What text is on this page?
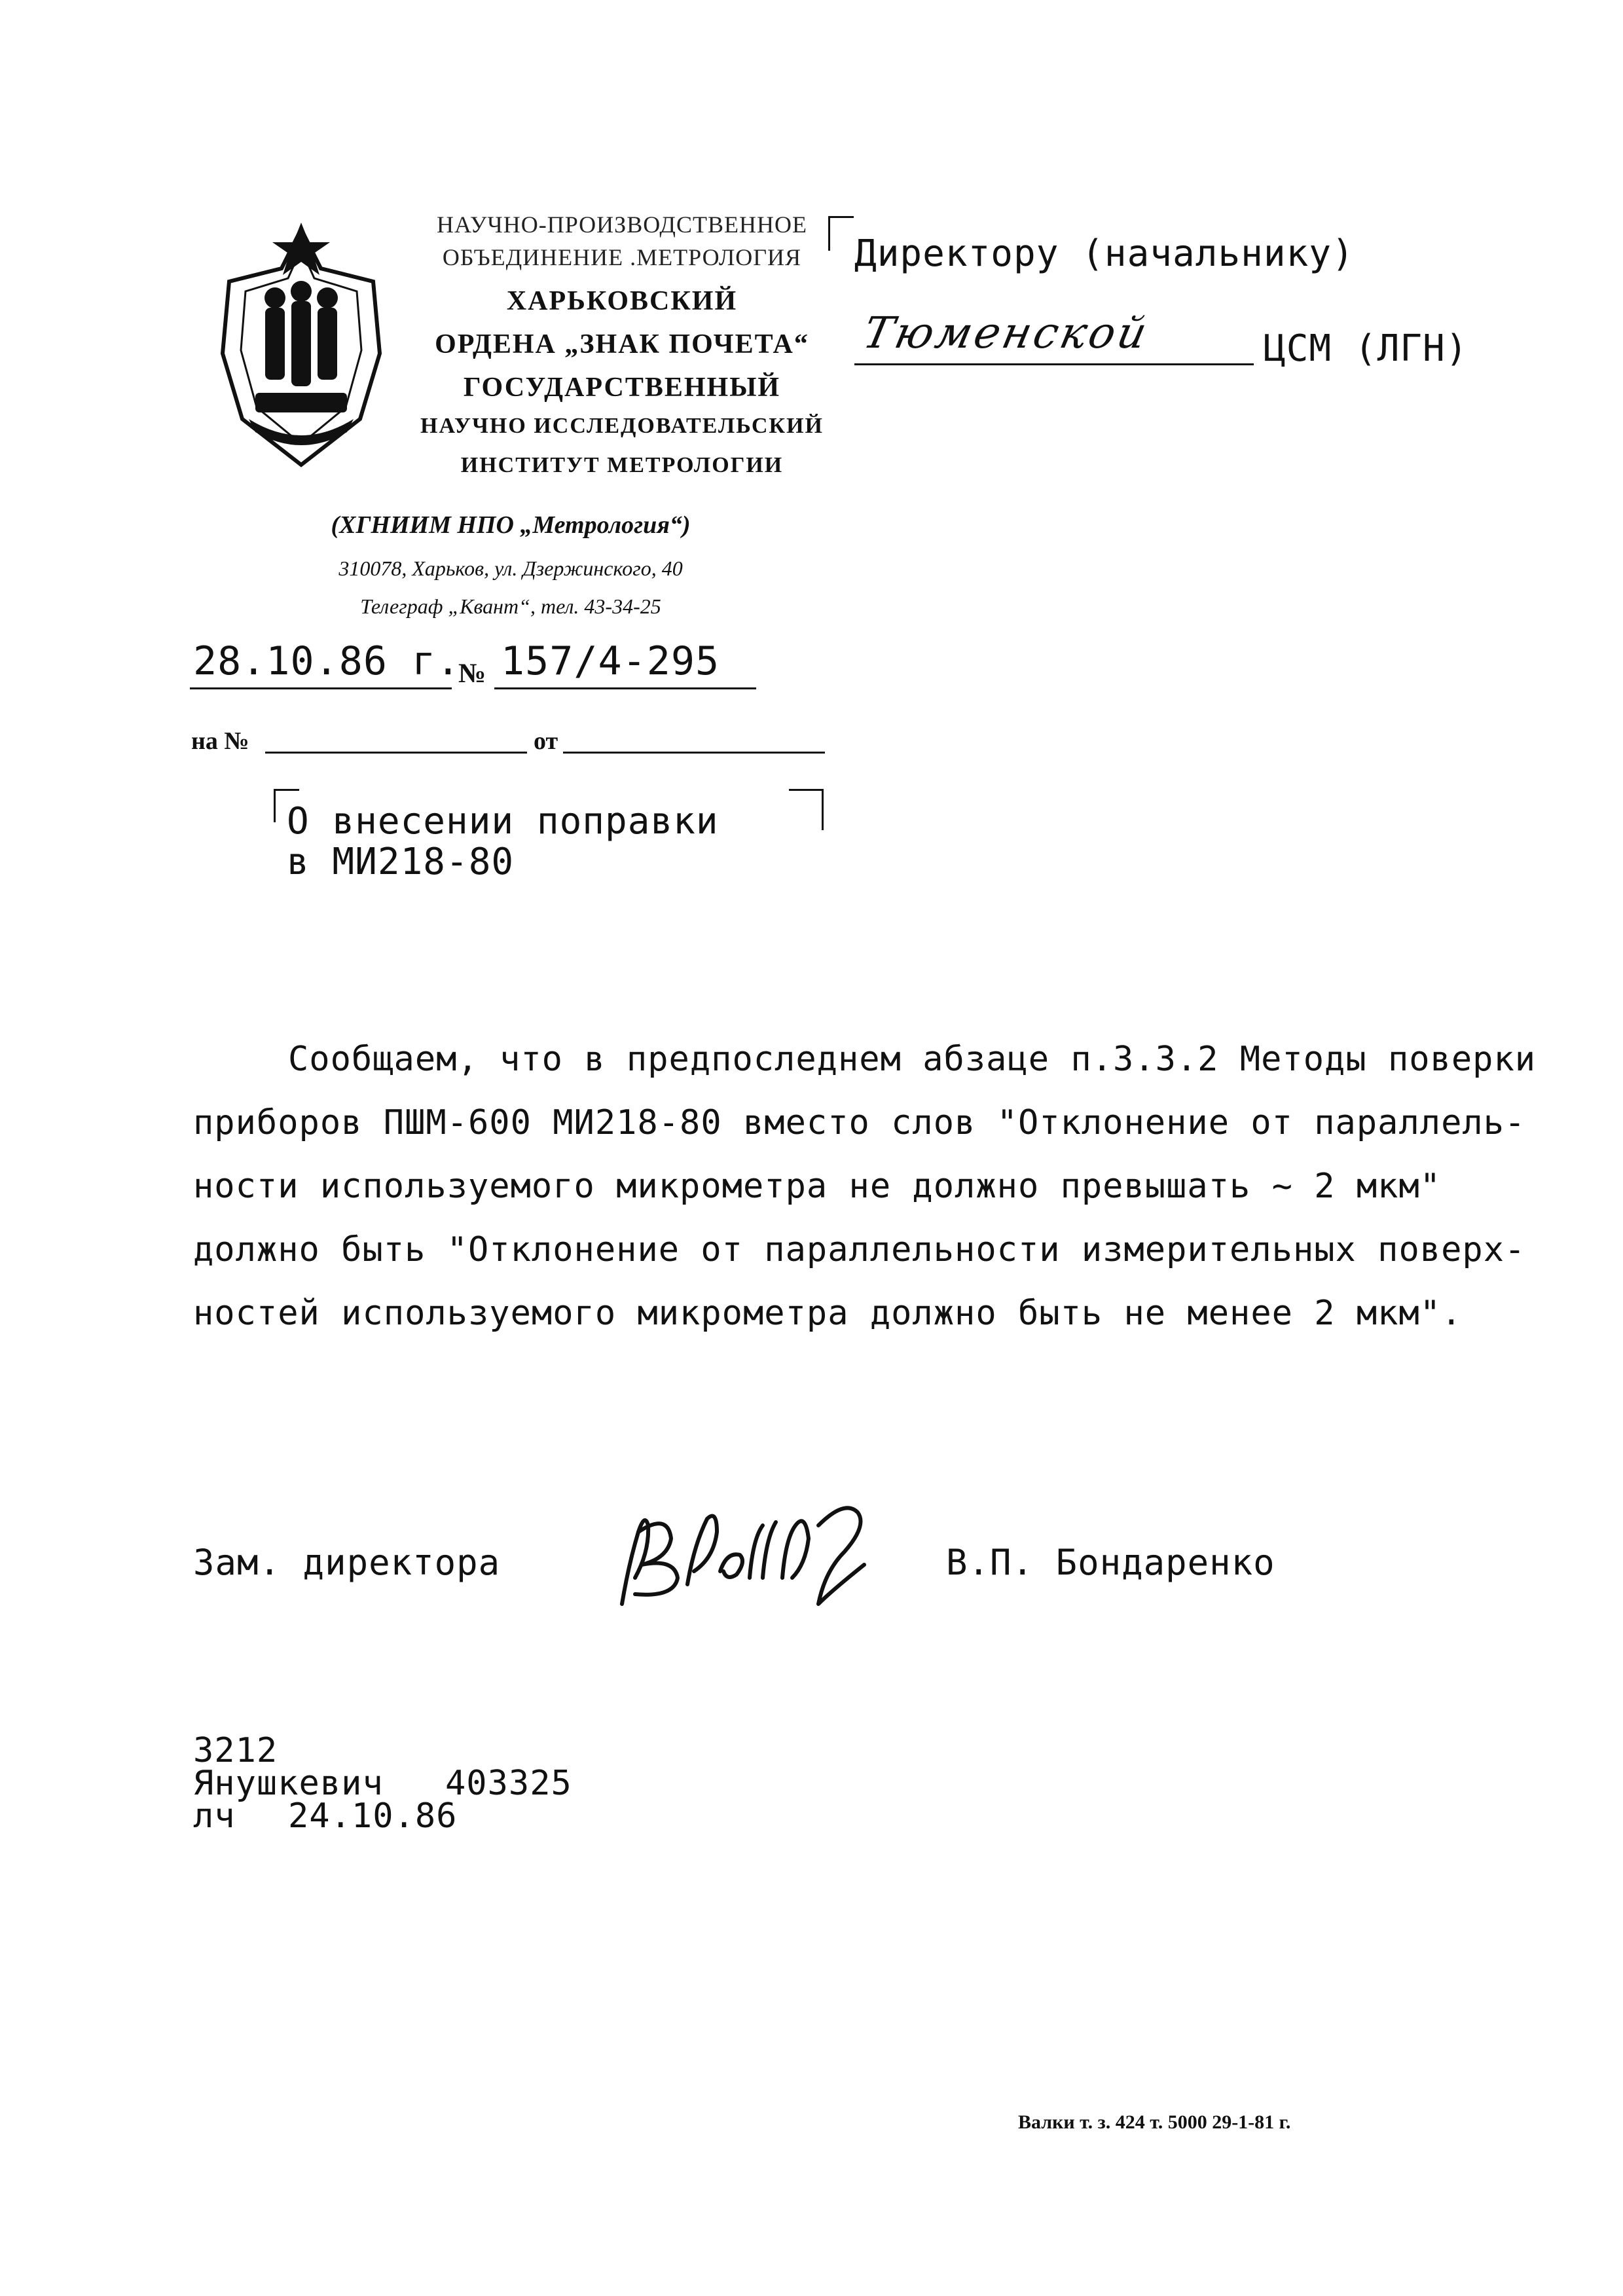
НАУЧНО-ПРОИЗВОДСТВЕННОЕ
ОБЪЕДИНЕНИЕ .МЕТРОЛОГИЯ
ХАРЬКОВСКИЙ
ОРДЕНА „ЗНАК ПОЧЕТА“
ГОСУДАРСТВЕННЫЙ
НАУЧНО ИССЛЕДОВАТЕЛЬСКИЙ
ИНСТИТУТ МЕТРОЛОГИИ
(ХГНИИМ НПО „Метрология“)
310078, Харьков, ул. Дзержинского, 40
Телеграф „Квант“, тел. 43-34-25
Директору (начальнику)
Тюменской	ЦСМ (ЛГН)
28.10.86 г.
№ 157/4-295
на №	от
О внесении поправки
в МИ218-80
Сообщаем, что в предпоследнем абзаце п.3.3.2 Методы поверки
приборов ПШМ-600 МИ218-80 вместо слов "Отклонение от параллель-
ности используемого микрометра не должно превышать ~ 2 мкм"
должно быть "Отклонение от параллельности измерительных поверх-
ностей используемого микрометра должно быть не менее 2 мкм".
Зам. директора	В.П. Бондаренко
3212
Янушкевич 403325
лч 24.10.86
Валки т. з. 424 т. 5000 29-1-81 г.
